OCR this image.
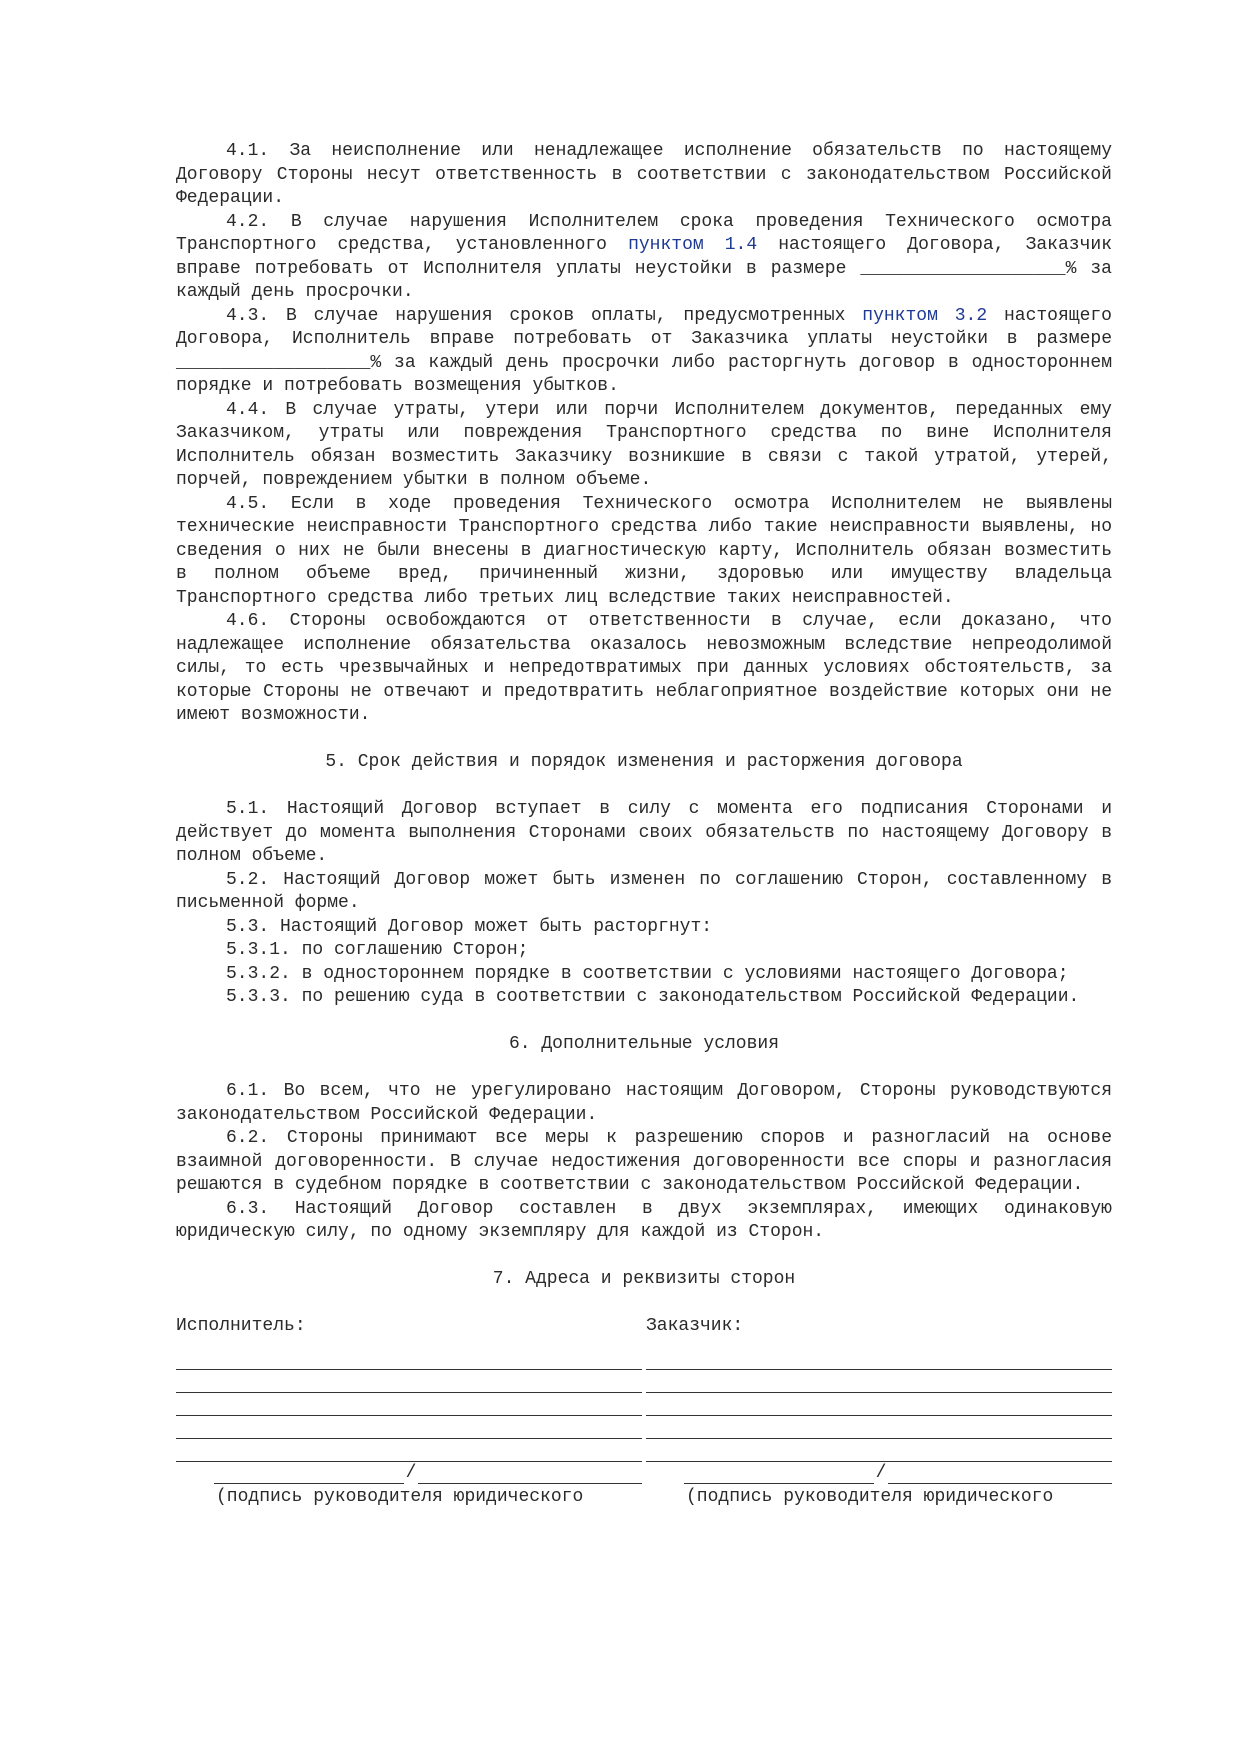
4.1. За неисполнение или ненадлежащее исполнение обязательств по настоящему Договору Стороны несут ответственность в соответствии с законодательством Российской Федерации.

4.2. В случае нарушения Исполнителем срока проведения Технического осмотра Транспортного средства, установленного пунктом 1.4 настоящего Договора, Заказчик вправе потребовать от Исполнителя уплаты неустойки в размере ___________________% за каждый день просрочки.

4.3. В случае нарушения сроков оплаты, предусмотренных пунктом 3.2 настоящего Договора, Исполнитель вправе потребовать от Заказчика уплаты неустойки в размере __________________% за каждый день просрочки либо расторгнуть договор в одностороннем порядке и потребовать возмещения убытков.

4.4. В случае утраты, утери или порчи Исполнителем документов, переданных ему Заказчиком, утраты или повреждения Транспортного средства по вине Исполнителя Исполнитель обязан возместить Заказчику возникшие в связи с такой утратой, утерей, порчей, повреждением убытки в полном объеме.

4.5. Если в ходе проведения Технического осмотра Исполнителем не выявлены технические неисправности Транспортного средства либо такие неисправности выявлены, но сведения о них не были внесены в диагностическую карту, Исполнитель обязан возместить в полном объеме вред, причиненный жизни, здоровью или имуществу владельца Транспортного средства либо третьих лиц вследствие таких неисправностей.

4.6. Стороны освобождаются от ответственности в случае, если доказано, что надлежащее исполнение обязательства оказалось невозможным вследствие непреодолимой силы, то есть чрезвычайных и непредотвратимых при данных условиях обстоятельств, за которые Стороны не отвечают и предотвратить неблагоприятное воздействие которых они не имеют возможности.

5. Срок действия и порядок изменения и расторжения договора

5.1. Настоящий Договор вступает в силу с момента его подписания Сторонами и действует до момента выполнения Сторонами своих обязательств по настоящему Договору в полном объеме.

5.2. Настоящий Договор может быть изменен по соглашению Сторон, составленному в письменной форме.

5.3. Настоящий Договор может быть расторгнут:

5.3.1. по соглашению Сторон;

5.3.2. в одностороннем порядке в соответствии с условиями настоящего Договора;

5.3.3. по решению суда в соответствии с законодательством Российской Федерации.

6. Дополнительные условия

6.1. Во всем, что не урегулировано настоящим Договором, Стороны руководствуются законодательством Российской Федерации.

6.2. Стороны принимают все меры к разрешению споров и разногласий на основе взаимной договоренности. В случае недостижения договоренности все споры и разногласия решаются в судебном порядке в соответствии с законодательством Российской Федерации.

6.3. Настоящий Договор составлен в двух экземплярах, имеющих одинаковую юридическую силу, по одному экземпляру для каждой из Сторон.

7. Адреса и реквизиты сторон
Исполнитель:
/
(подпись руководителя юридического
Заказчик:
/
(подпись руководителя юридического
